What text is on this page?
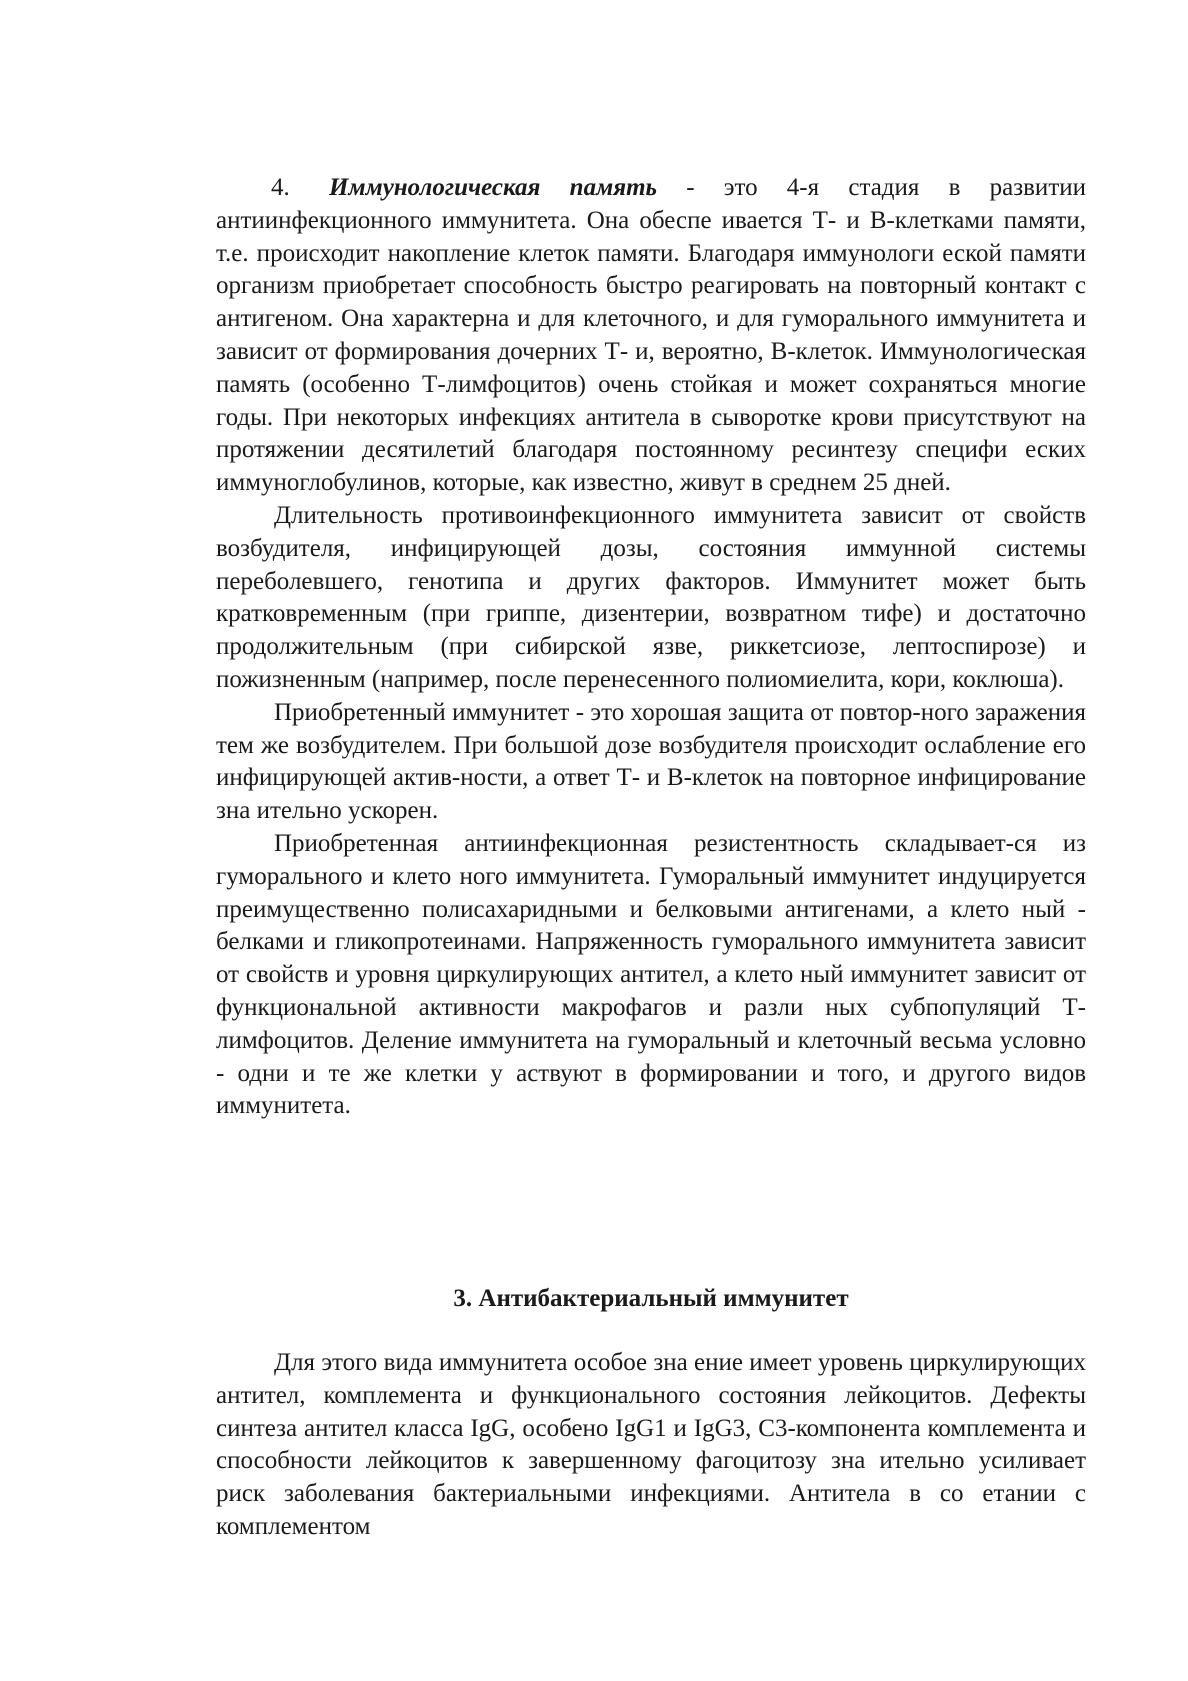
4. Иммунологическая память - это 4-я стадия в развитии антиинфекционного иммунитета. Она обеспе ивается Т- и В-клетками памяти, т.е. происходит накопление клеток памяти. Благодаря иммунологи еской памяти организм приобретает способность быстро реагировать на повторный контакт с антигеном. Она характерна и для клеточного, и для гуморального иммунитета и зависит от формирования дочерних Т- и, вероятно, В-клеток. Иммунологическая память (особенно Т-лимфоцитов) очень стойкая и может сохраняться многие годы. При некоторых инфекциях антитела в сыворотке крови присутствуют на протяжении десятилетий благодаря постоянному ресинтезу специфи еских иммуноглобулинов, которые, как известно, живут в среднем 25 дней.

Длительность противоинфекционного иммунитета зависит от свойств возбудителя, инфицирующей дозы, состояния иммунной системы переболевшего, генотипа и других факторов. Иммунитет может быть кратковременным (при гриппе, дизентерии, возвратном тифе) и достаточно продолжительным (при сибирской язве, риккетсиозе, лептоспирозе) и пожизненным (например, после перенесенного полиомиелита, кори, коклюша).

Приобретенный иммунитет - это хорошая защита от повтор-ного заражения тем же возбудителем. При большой дозе возбудителя происходит ослабление его инфицирующей актив-ности, а ответ Т- и В-клеток на повторное инфицирование зна ительно ускорен.

Приобретенная антиинфекционная резистентность складывает-ся из гуморального и клето ного иммунитета. Гуморальный иммунитет индуцируется преимущественно полисахаридными и белковыми антигенами, а клето ный - белками и гликопротеинами. Напряженность гуморального иммунитета зависит от свойств и уровня циркулирующих антител, а клето ный иммунитет зависит от функциональной активности макрофагов и разли ных субпопуляций Т-лимфоцитов. Деление иммунитета на гуморальный и клеточный весьма условно - одни и те же клетки у аствуют в формировании и того, и другого видов иммунитета.

3. Антибактериальный иммунитет

Для этого вида иммунитета особое зна ение имеет уровень циркулирующих антител, комплемента и функционального состояния лейкоцитов. Дефекты синтеза антител класса IgG, особено IgG1 и IgG3, С3-компонента комплемента и способности лейкоцитов к завершенному фагоцитозу зна ительно усиливает риск заболевания бактериальными инфекциями. Антитела в со етании с комплементом
